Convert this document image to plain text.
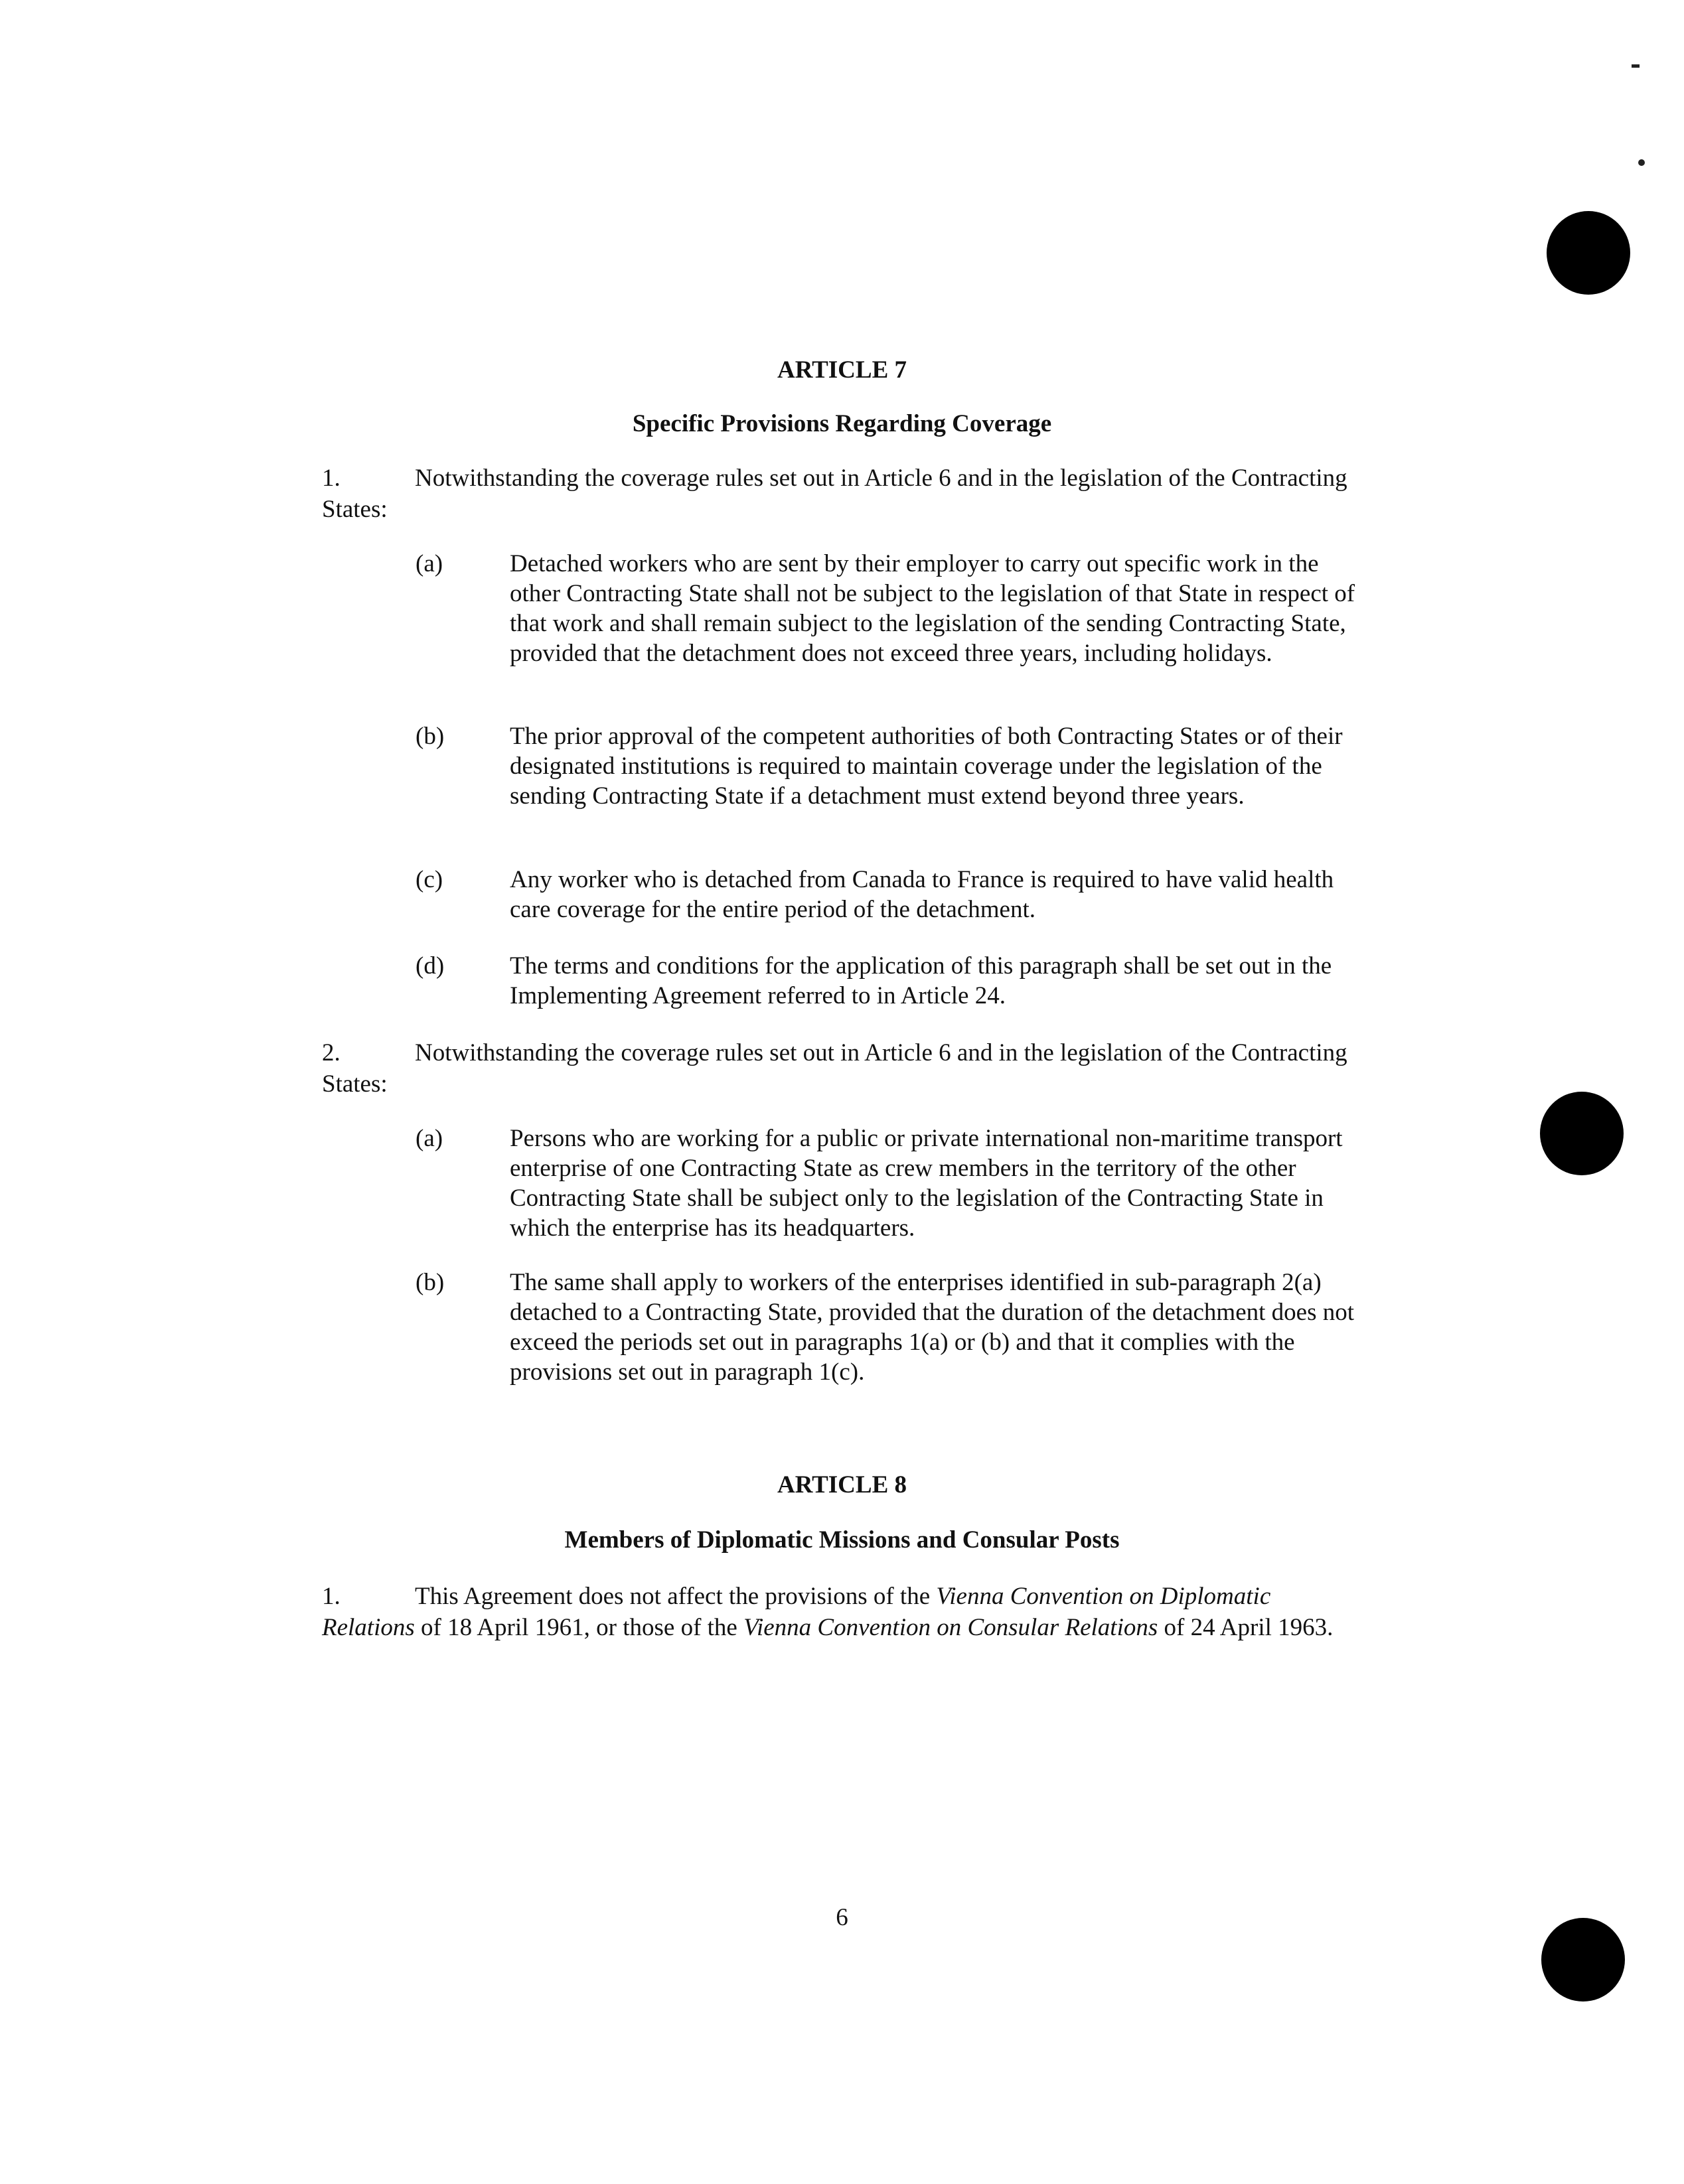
ARTICLE 7
Specific Provisions Regarding Coverage
1.	Notwithstanding the coverage rules set out in Article 6 and in the legislation of the Contracting States:
(a)	Detached workers who are sent by their employer to carry out specific work in the other Contracting State shall not be subject to the legislation of that State in respect of that work and shall remain subject to the legislation of the sending Contracting State, provided that the detachment does not exceed three years, including holidays.
(b)	The prior approval of the competent authorities of both Contracting States or of their designated institutions is required to maintain coverage under the legislation of the sending Contracting State if a detachment must extend beyond three years.
(c)	Any worker who is detached from Canada to France is required to have valid health care coverage for the entire period of the detachment.
(d)	The terms and conditions for the application of this paragraph shall be set out in the Implementing Agreement referred to in Article 24.
2.	Notwithstanding the coverage rules set out in Article 6 and in the legislation of the Contracting States:
(a)	Persons who are working for a public or private international non-maritime transport enterprise of one Contracting State as crew members in the territory of the other Contracting State shall be subject only to the legislation of the Contracting State in which the enterprise has its headquarters.
(b)	The same shall apply to workers of the enterprises identified in sub-paragraph 2(a) detached to a Contracting State, provided that the duration of the detachment does not exceed the periods set out in paragraphs 1(a) or (b) and that it complies with the provisions set out in paragraph 1(c).
ARTICLE 8
Members of Diplomatic Missions and Consular Posts
1.	This Agreement does not affect the provisions of the Vienna Convention on Diplomatic Relations of 18 April 1961, or those of the Vienna Convention on Consular Relations of 24 April 1963.
6
